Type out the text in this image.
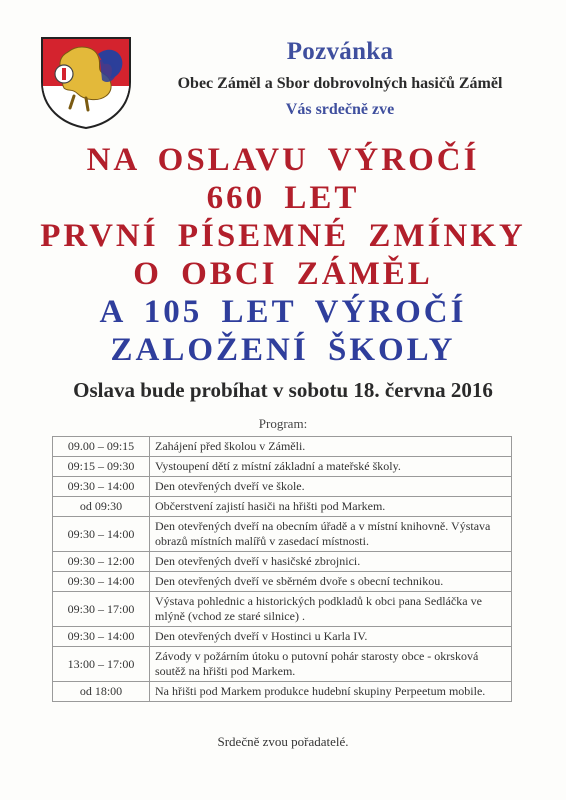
Pozvánka
Obec Záměl a Sbor dobrovolných hasičů Záměl
Vás srdečně zve
NA OSLAVU VÝROČÍ
660 LET
PRVNÍ PÍSEMNÉ ZMÍNKY
O OBCI ZÁMĚL
A 105 LET VÝROČÍ
ZALOŽENÍ ŠKOLY
Oslava bude probíhat v sobotu 18. června 2016
Program:
09.00 – 09:15	Zahájení před školou v Záměli.
09:15 – 09:30	Vystoupení dětí z místní základní a mateřské školy.
09:30 – 14:00	Den otevřených dveří ve škole.
od 09:30	Občerstvení zajistí hasiči na hřišti pod Markem.
09:30 – 14:00	Den otevřených dveří na obecním úřadě a v místní knihovně. Výstava obrazů místních malířů v zasedací místnosti.
09:30 – 12:00	Den otevřených dveří v hasičské zbrojnici.
09:30 – 14:00	Den otevřených dveří ve sběrném dvoře s obecní technikou.
09:30 – 17:00	Výstava pohlednic a historických podkladů k obci pana Sedláčka ve mlýně (vchod ze staré silnice) .
09:30 – 14:00	Den otevřených dveří v Hostinci u Karla IV.
13:00 – 17:00	Závody v požárním útoku o putovní pohár starosty obce - okrsková soutěž na hřišti pod Markem.
od 18:00	Na hřišti pod Markem produkce hudební skupiny Perpeetum mobile.
Srdečně zvou pořadatelé.
